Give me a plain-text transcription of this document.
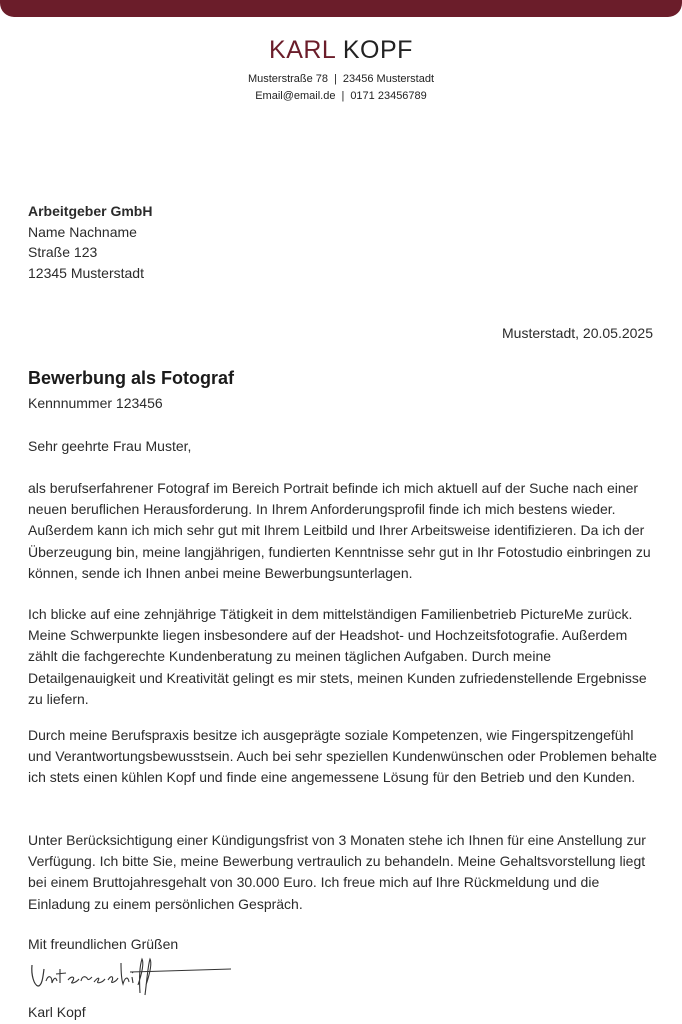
KARL KOPF
Musterstraße 78 | 23456 Musterstadt
Email@email.de | 0171 23456789
Arbeitgeber GmbH
Name Nachname
Straße 123
12345 Musterstadt
Musterstadt, 20.05.2025
Bewerbung als Fotograf
Kennnummer 123456
Sehr geehrte Frau Muster,

als berufserfahrener Fotograf im Bereich Portrait befinde ich mich aktuell auf der Suche nach einer neuen beruflichen Herausforderung. In Ihrem Anforderungsprofil finde ich mich bestens wieder. Außerdem kann ich mich sehr gut mit Ihrem Leitbild und Ihrer Arbeitsweise identifizieren. Da ich der Überzeugung bin, meine langjährigen, fundierten Kenntnisse sehr gut in Ihr Fotostudio einbringen zu können, sende ich Ihnen anbei meine Bewerbungsunterlagen.

Ich blicke auf eine zehnjährige Tätigkeit in dem mittelständigen Familienbetrieb PictureMe zurück. Meine Schwerpunkte liegen insbesondere auf der Headshot- und Hochzeitsfotografie. Außerdem zählt die fachgerechte Kundenberatung zu meinen täglichen Aufgaben. Durch meine Detailgenauigkeit und Kreativität gelingt es mir stets, meinen Kunden zufriedenstellende Ergebnisse zu liefern.

Durch meine Berufspraxis besitze ich ausgeprägte soziale Kompetenzen, wie Fingerspitzengefühl und Verantwortungsbewusstsein. Auch bei sehr speziellen Kundenwünschen oder Problemen behalte ich stets einen kühlen Kopf und finde eine angemessene Lösung für den Betrieb und den Kunden.

Unter Berücksichtigung einer Kündigungsfrist von 3 Monaten stehe ich Ihnen für eine Anstellung zur Verfügung. Ich bitte Sie, meine Bewerbung vertraulich zu behandeln. Meine Gehaltsvorstellung liegt bei einem Bruttojahresgehalt von 30.000 Euro. Ich freue mich auf Ihre Rückmeldung und die Einladung zu einem persönlichen Gespräch.

Mit freundlichen Grüßen
Karl Kopf
